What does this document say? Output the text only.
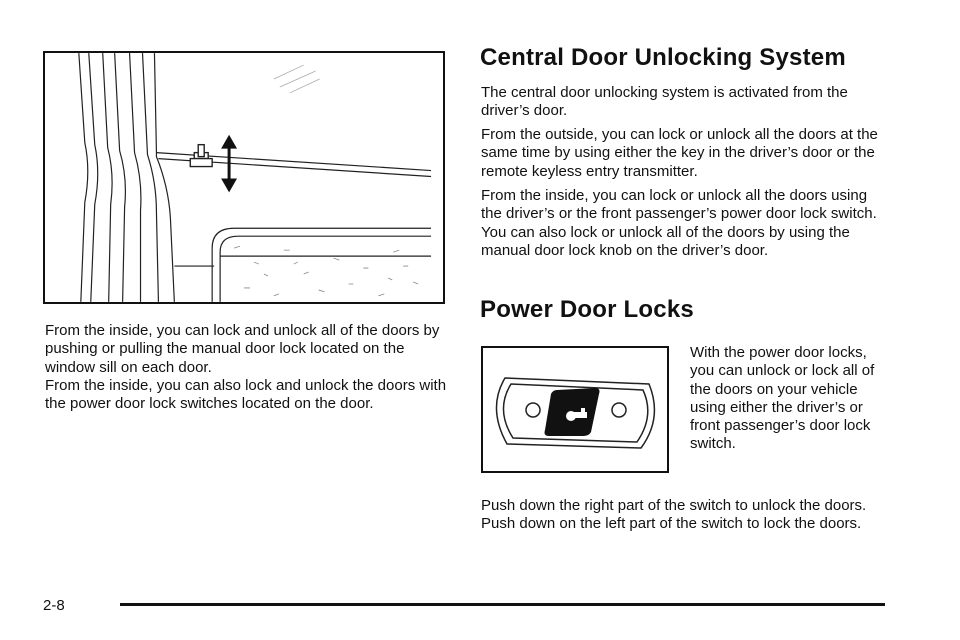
From the inside, you can lock and unlock all of the doors by pushing or pulling the manual door lock located on the window sill on each door.

From the inside, you can also lock and unlock the doors with the power door lock switches located on the door.

Central Door Unlocking System

The central door unlocking system is activated from the driver’s door.

From the outside, you can lock or unlock all the doors at the same time by using either the key in the driver’s door or the remote keyless entry transmitter.

From the inside, you can lock or unlock all the doors using the driver’s or the front passenger’s power door lock switch. You can also lock or unlock all of the doors by using the manual door lock knob on the driver’s door.

Power Door Locks

With the power door locks, you can unlock or lock all of the doors on your vehicle using either the driver’s or front passenger’s door lock switch.

Push down the right part of the switch to unlock the doors. Push down on the left part of the switch to lock the doors.

2-8
